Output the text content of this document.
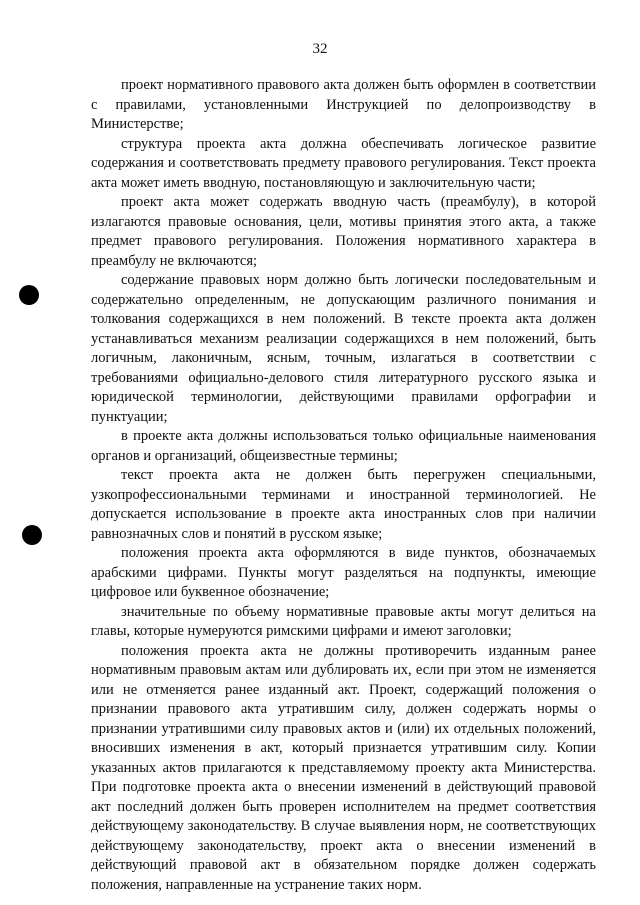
32

проект нормативного правового акта должен быть оформлен в соответствии с правилами, установленными Инструкцией по делопроизводству в Министерстве;

структура проекта акта должна обеспечивать логическое развитие содержания и соответствовать предмету правового регулирования. Текст проекта акта может иметь вводную, постановляющую и заключительную части;

проект акта может содержать вводную часть (преамбулу), в которой излагаются правовые основания, цели, мотивы принятия этого акта, а также предмет правового регулирования. Положения нормативного характера в преамбулу не включаются;

содержание правовых норм должно быть логически последовательным и содержательно определенным, не допускающим различного понимания и толкования содержащихся в нем положений. В тексте проекта акта должен устанавливаться механизм реализации содержащихся в нем положений, быть логичным, лаконичным, ясным, точным, излагаться в соответствии с требованиями официально-делового стиля литературного русского языка и юридической терминологии, действующими правилами орфографии и пунктуации;

в проекте акта должны использоваться только официальные наименования органов и организаций, общеизвестные термины;

текст проекта акта не должен быть перегружен специальными, узкопрофессиональными терминами и иностранной терминологией. Не допускается использование в проекте акта иностранных слов при наличии равнозначных слов и понятий в русском языке;

положения проекта акта оформляются в виде пунктов, обозначаемых арабскими цифрами. Пункты могут разделяться на подпункты, имеющие цифровое или буквенное обозначение;

значительные по объему нормативные правовые акты могут делиться на главы, которые нумеруются римскими цифрами и имеют заголовки;

положения проекта акта не должны противоречить изданным ранее нормативным правовым актам или дублировать их, если при этом не изменяется или не отменяется ранее изданный акт. Проект, содержащий положения о признании правового акта утратившим силу, должен содержать нормы о признании утратившими силу правовых актов и (или) их отдельных положений, вносивших изменения в акт, который признается утратившим силу. Копии указанных актов прилагаются к представляемому проекту акта Министерства. При подготовке проекта акта о внесении изменений в действующий правовой акт последний должен быть проверен исполнителем на предмет соответствия действующему законодательству. В случае выявления норм, не соответствующих действующему законодательству, проект акта о внесении изменений в действующий правовой акт в обязательном порядке должен содержать положения, направленные на устранение таких норм.
